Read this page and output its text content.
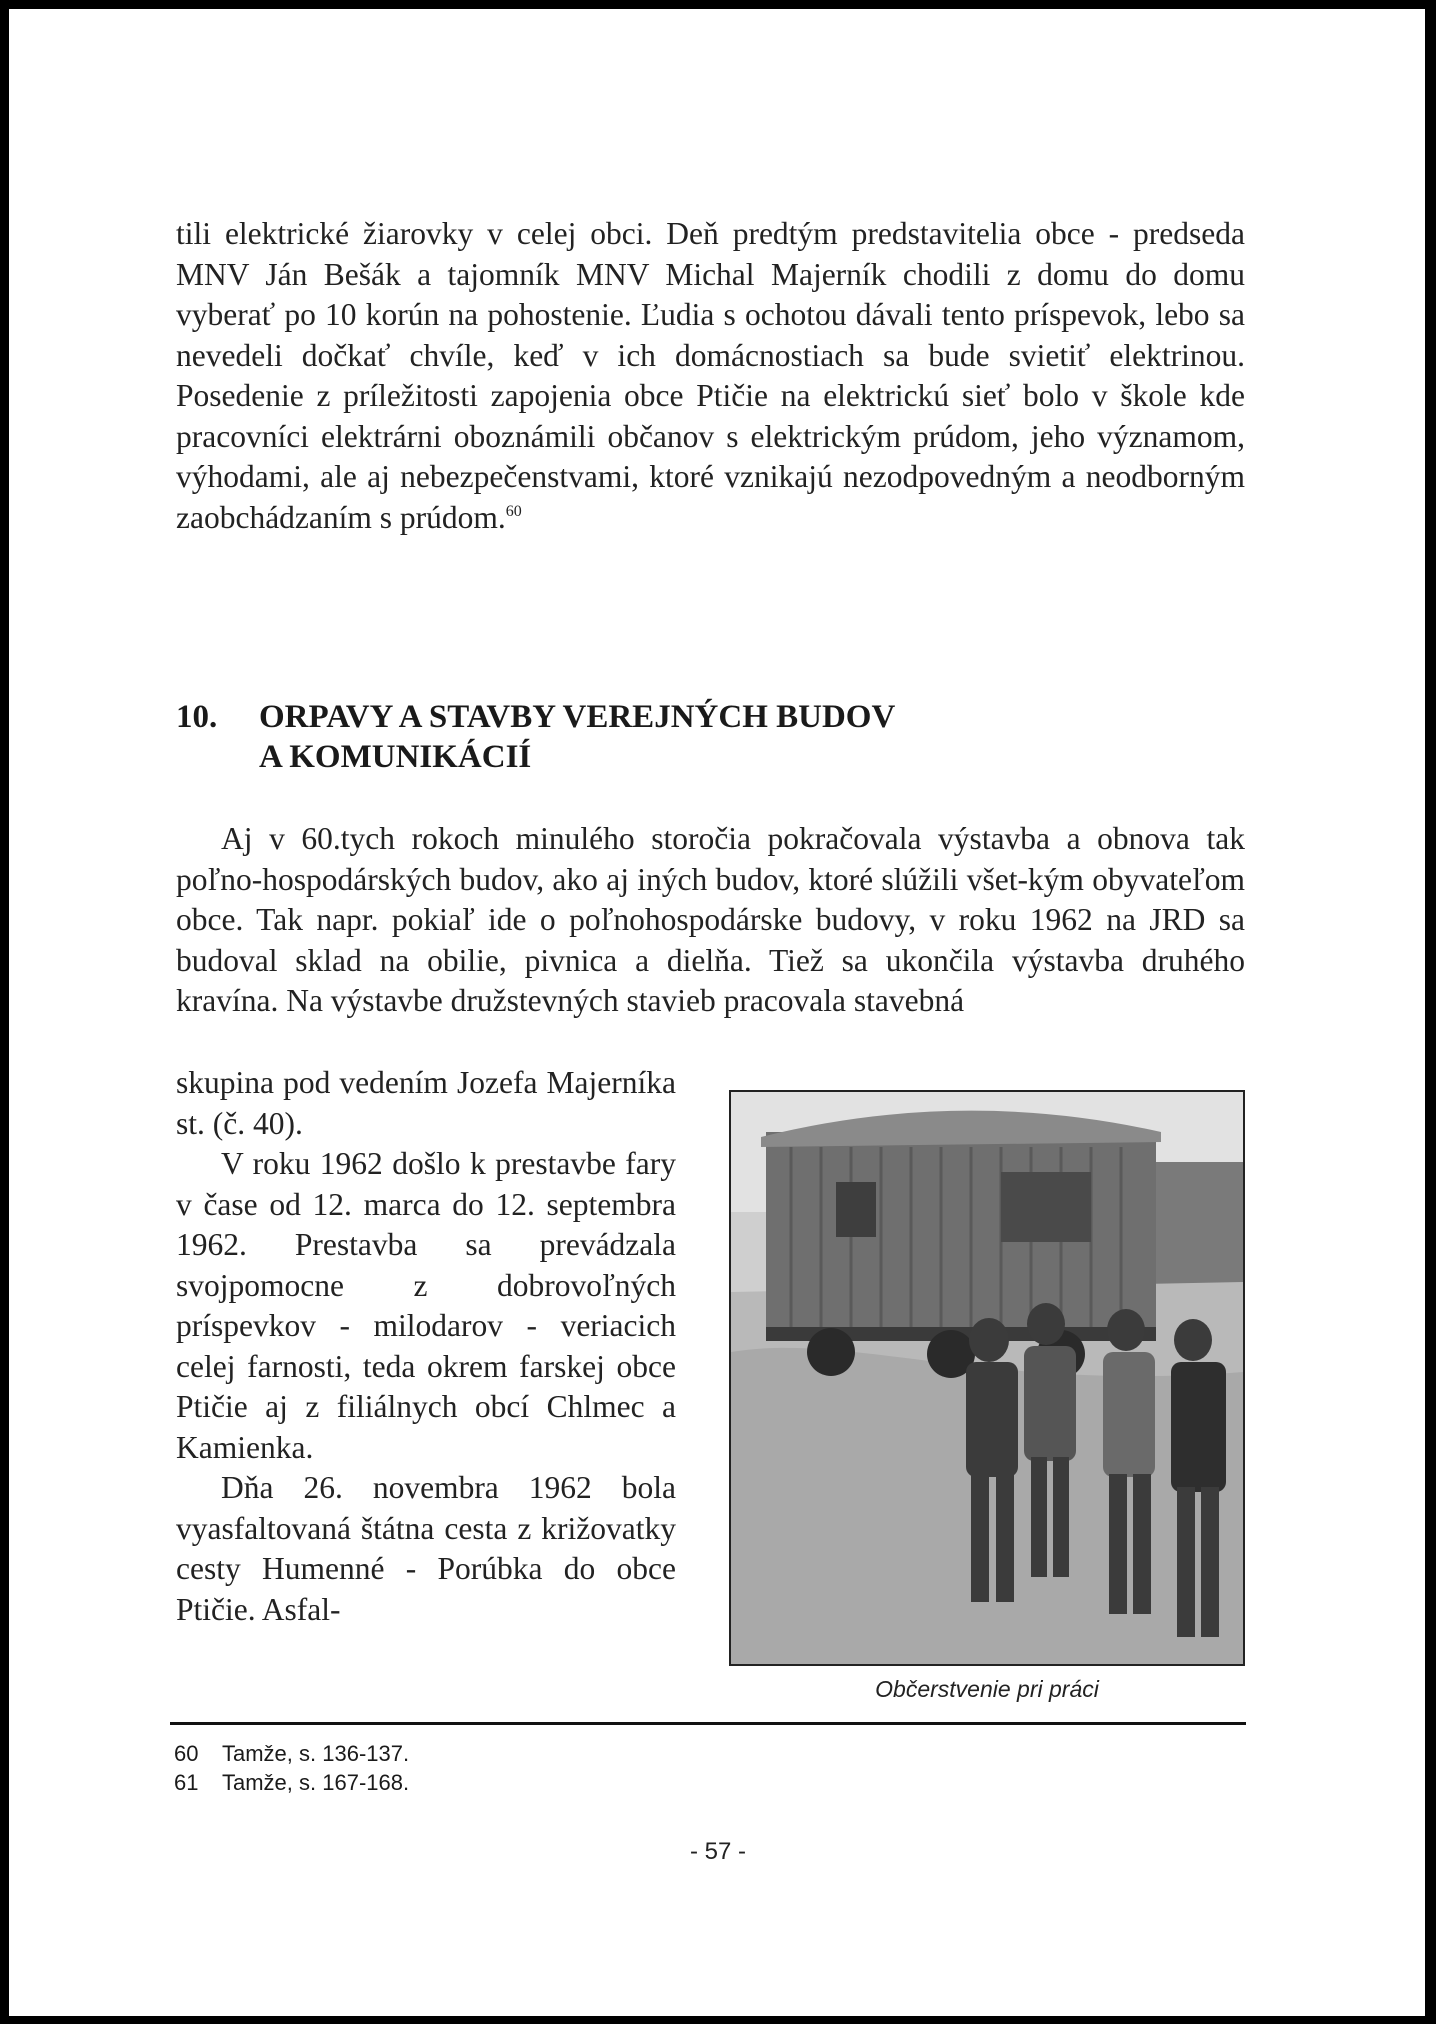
tili elektrické žiarovky v celej obci. Deň predtým predstavitelia obce - predseda MNV Ján Bešák a tajomník MNV Michal Majerník chodili z domu do domu vyberať po 10 korún na pohostenie. Ľudia s ochotou dávali tento príspevok, lebo sa nevedeli dočkať chvíle, keď v ich domácnostiach sa bude svietiť elektrinou. Posedenie z príležitosti zapojenia obce Ptičie na elektrickú sieť bolo v škole kde pracovníci elektrárni oboznámili občanov s elektrickým prúdom, jeho významom, výhodami, ale aj nebezpečenstvami, ktoré vznikajú nezodpovedným a neodborným zaobchádzaním s prúdom.$^{60}$

10. ORPAVY A STAVBY VEREJNÝCH BUDOV
A KOMUNIKÁCIÍ

Aj v 60.tych rokoch minulého storočia pokračovala výstavba a obnova tak poľno-hospodárských budov, ako aj iných budov, ktoré slúžili všet-kým obyvateľom obce. Tak napr. pokiaľ ide o poľnohospodárske budovy, v roku 1962 na JRD sa budoval sklad na obilie, pivnica a dielňa. Tiež sa ukončila výstavba druhého kravína. Na výstavbe družstevných stavieb pracovala stavebná

skupina pod vedením Jozefa Majerníka st. (č. 40).

V roku 1962 došlo k prestavbe fary v čase od 12. marca do 12. septembra 1962. Prestavba sa prevádzala svojpomocne z dobrovoľných príspevkov - milodarov - veriacich celej farnosti, teda okrem farskej obce Ptičie aj z filiálnych obcí Chlmec a Kamienka.

Dňa 26. novembra 1962 bola vyasfaltovaná štátna cesta z križovatky cesty Humenné - Porúbka do obce Ptičie. Asfal-

Občerstvenie pri práci
60 Tamže, s. 136-137.
61 Tamže, s. 167-168.
- 57 -
